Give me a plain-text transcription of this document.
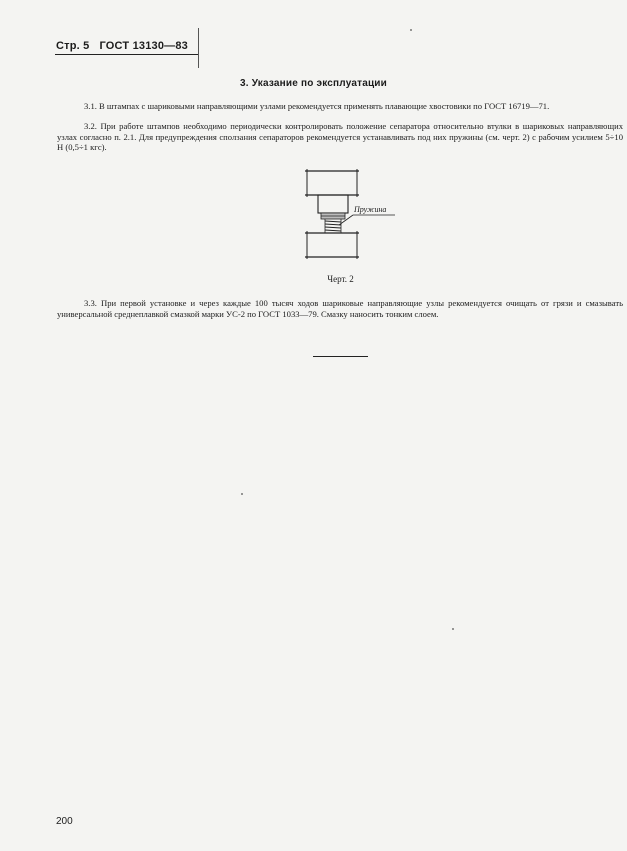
Стр. 5 ГОСТ 13130—83
3. Указание по эксплуатации

3.1. В штампах с шариковыми направляющими узлами рекомендуется применять плавающие хвостовики по ГОСТ 16719—71.

3.2. При работе штампов необходимо периодически контролировать положение сепаратора относительно втулки в шариковых направляющих узлах согласно п. 2.1. Для предупреждения сползания сепараторов рекомендуется устанавливать под них пружины (см. черт. 2) с рабочим усилием 5÷10 Н (0,5÷1 кгс).

Пружина
Черт. 2

3.3. При первой установке и через каждые 100 тысяч ходов шариковые направляющие узлы рекомендуется очищать от грязи и смазывать универсальной среднеплавкой смазкой марки УС-2 по ГОСТ 1033—79. Смазку наносить тонким слоем.

200
